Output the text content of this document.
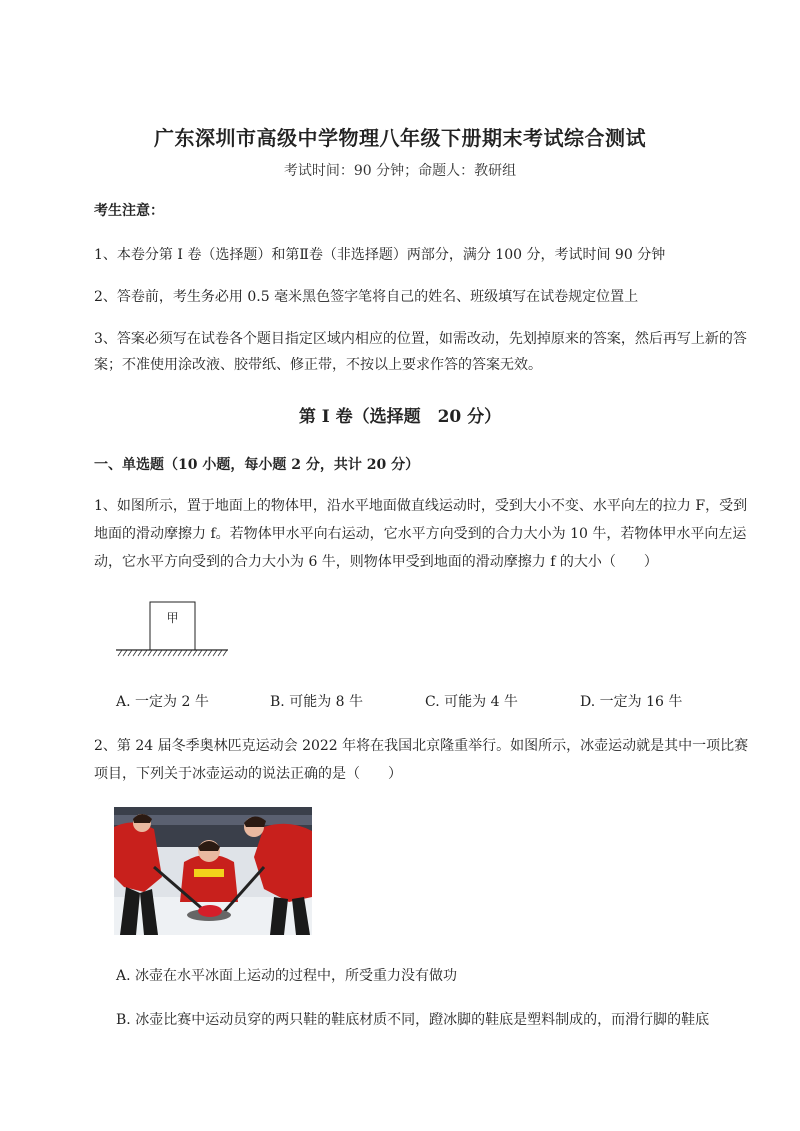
广东深圳市高级中学物理八年级下册期末考试综合测试
考试时间：90 分钟；命题人：教研组
考生注意：
1、本卷分第 I 卷（选择题）和第Ⅱ卷（非选择题）两部分，满分 100 分，考试时间 90 分钟
2、答卷前，考生务必用 0.5 毫米黑色签字笔将自己的姓名、班级填写在试卷规定位置上
3、答案必须写在试卷各个题目指定区域内相应的位置，如需改动，先划掉原来的答案，然后再写上新的答案；不准使用涂改液、胶带纸、修正带，不按以上要求作答的答案无效。
第 I 卷（选择题　20 分）
一、单选题（10 小题，每小题 2 分，共计 20 分）
1、如图所示，置于地面上的物体甲，沿水平地面做直线运动时，受到大小不变、水平向左的拉力 F，受到地面的滑动摩擦力 f。若物体甲水平向右运动，它水平方向受到的合力大小为 10 牛，若物体甲水平向左运动，它水平方向受到的合力大小为 6 牛，则物体甲受到地面的滑动摩擦力 f 的大小（　　）
甲
A. 一定为 2 牛	B. 可能为 8 牛	C. 可能为 4 牛	D. 一定为 16 牛
2、第 24 届冬季奥林匹克运动会 2022 年将在我国北京隆重举行。如图所示，冰壶运动就是其中一项比赛项目，下列关于冰壶运动的说法正确的是（　　）
A. 冰壶在水平冰面上运动的过程中，所受重力没有做功
B. 冰壶比赛中运动员穿的两只鞋的鞋底材质不同，蹬冰脚的鞋底是塑料制成的，而滑行脚的鞋底
